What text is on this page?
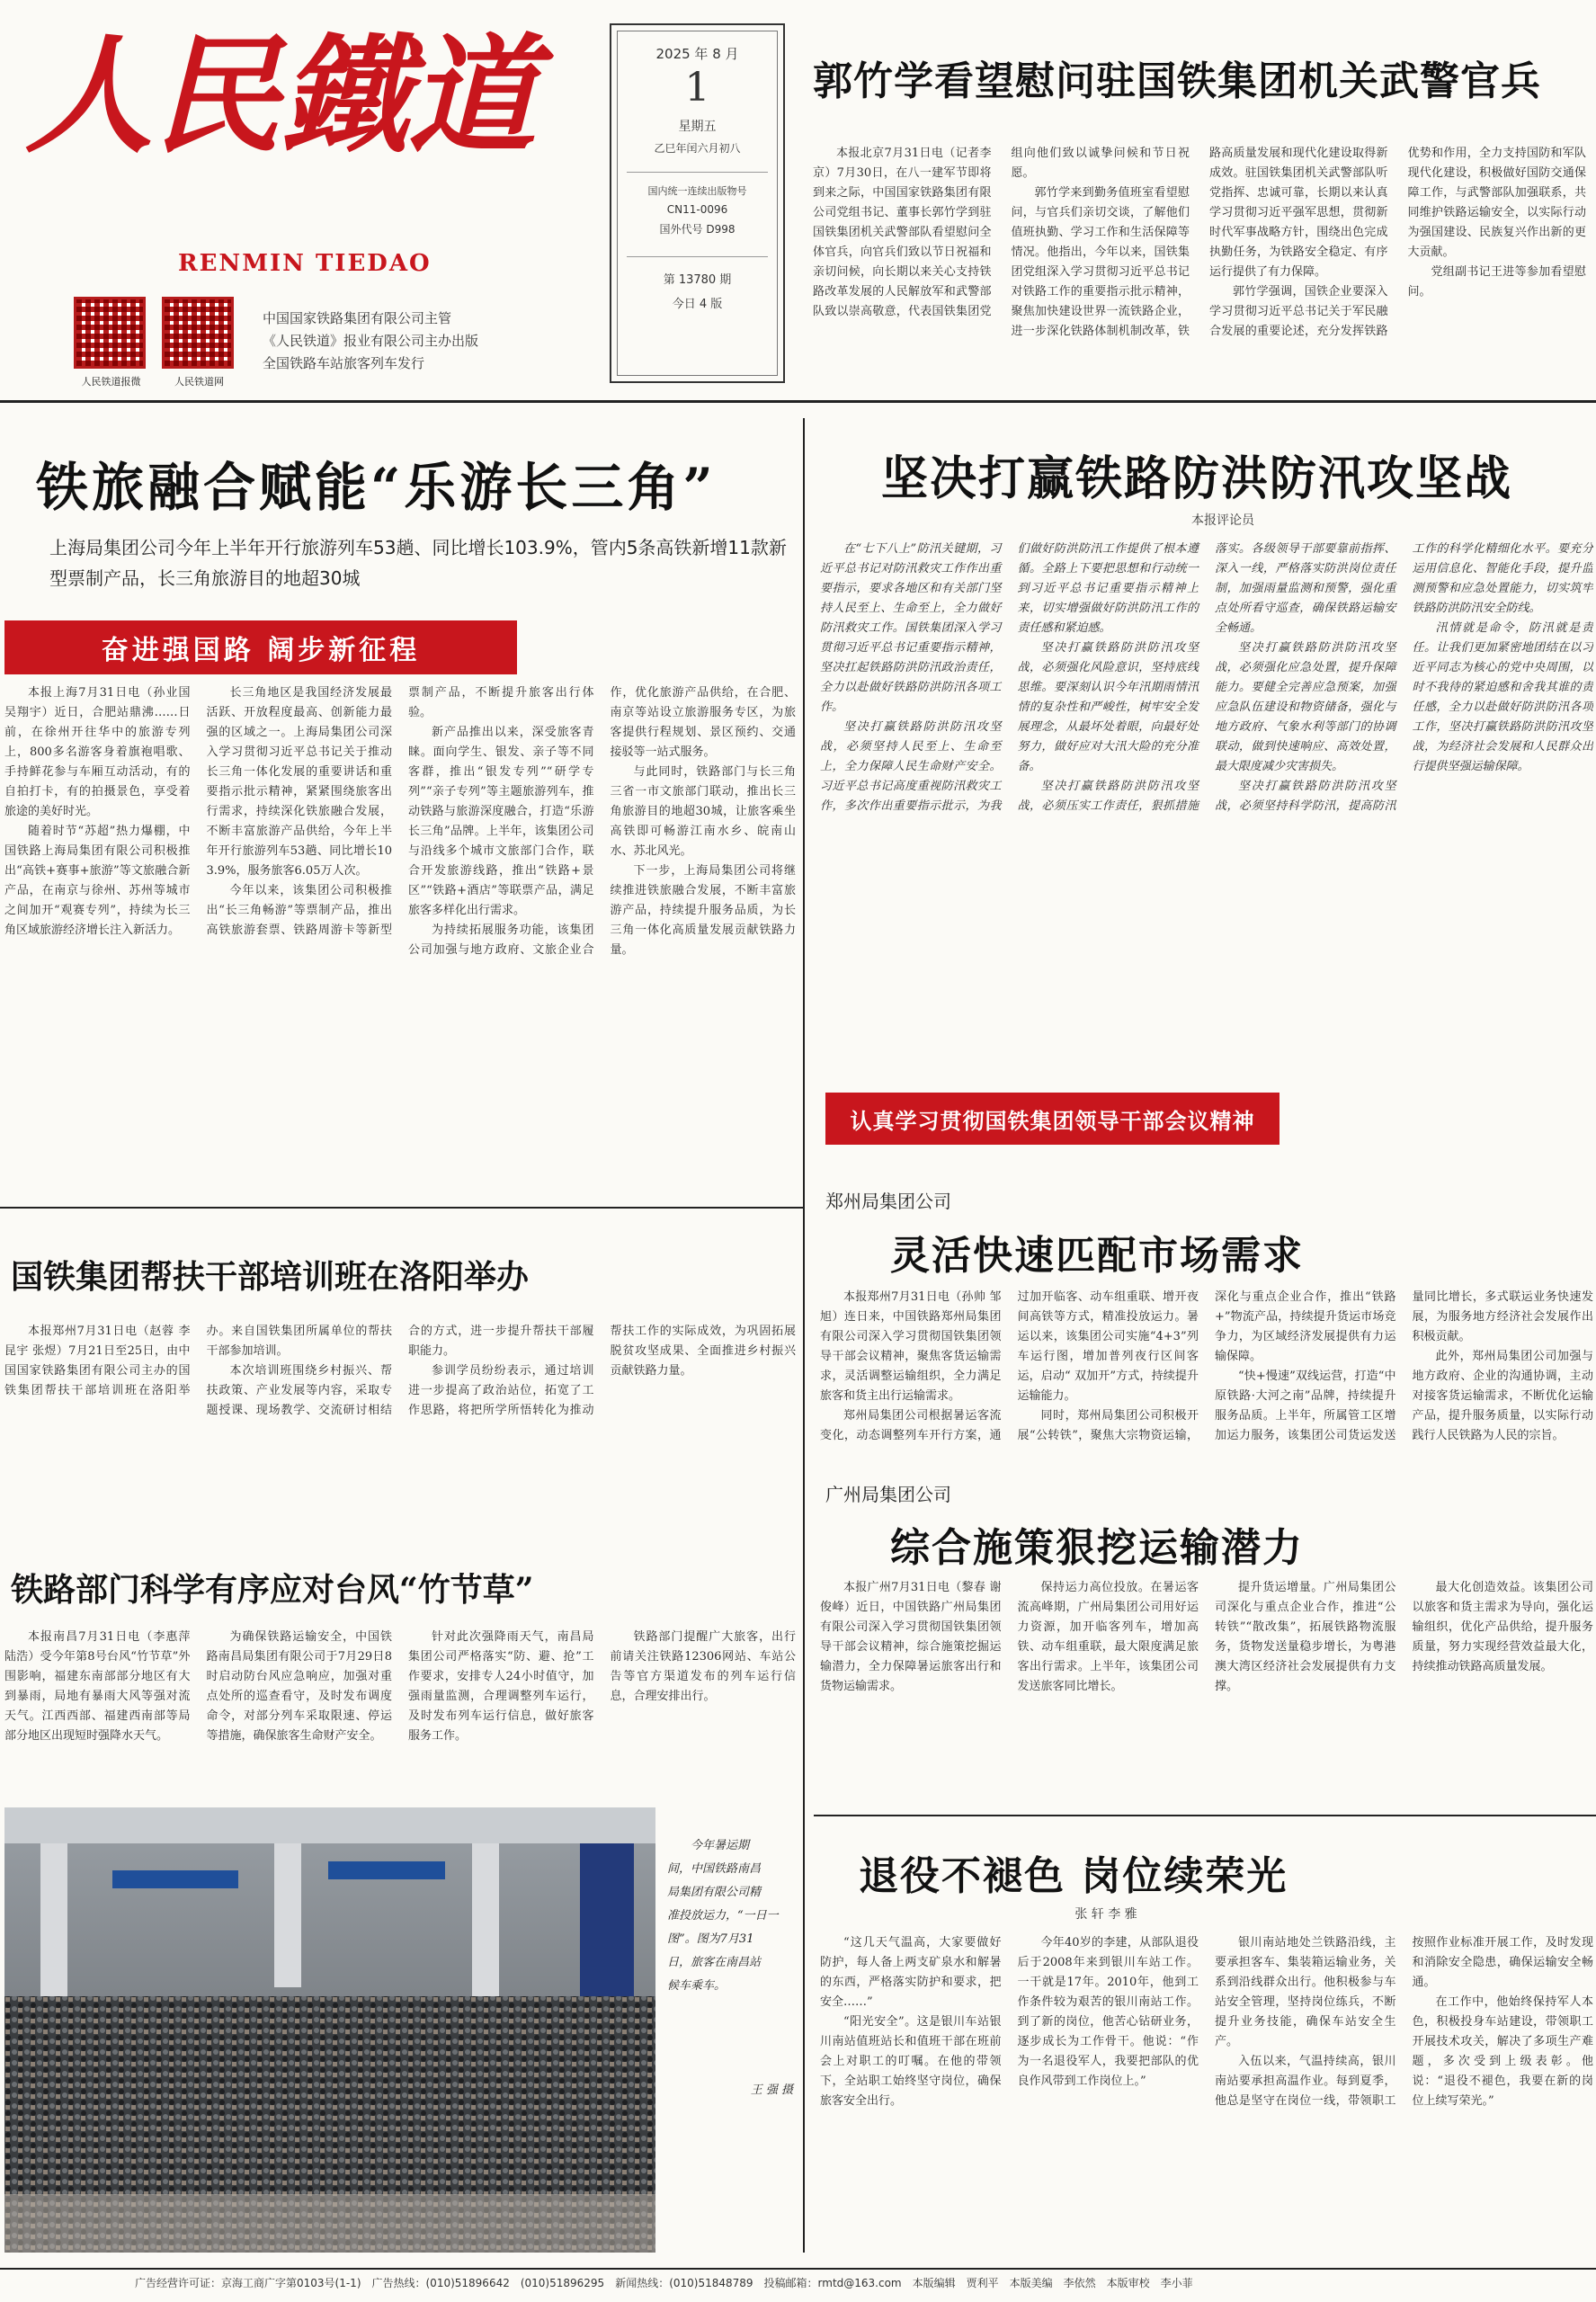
人民鐵道
RENMIN TIEDAO
人民铁道报微	人民铁道网
中国国家铁路集团有限公司主管
《人民铁道》报业有限公司主办出版
全国铁路车站旅客列车发行
2025 年 8 月
1
星期五
乙巳年闰六月初八
国内统一连续出版物号
CN11-0096
国外代号 D998
第 13780 期
今日 4 版
郭竹学看望慰问驻国铁集团机关武警官兵

本报北京7月31日电（记者李京）7月30日，在八一建军节即将到来之际，中国国家铁路集团有限公司党组书记、董事长郭竹学到驻国铁集团机关武警部队看望慰问全体官兵，向官兵们致以节日祝福和亲切问候，向长期以来关心支持铁路改革发展的人民解放军和武警部队致以崇高敬意，代表国铁集团党组向他们致以诚挚问候和节日祝愿。

郭竹学来到勤务值班室看望慰问，与官兵们亲切交谈，了解他们值班执勤、学习工作和生活保障等情况。他指出，今年以来，国铁集团党组深入学习贯彻习近平总书记对铁路工作的重要指示批示精神，聚焦加快建设世界一流铁路企业，进一步深化铁路体制机制改革，铁路高质量发展和现代化建设取得新成效。驻国铁集团机关武警部队听党指挥、忠诚可靠，长期以来认真学习贯彻习近平强军思想，贯彻新时代军事战略方针，围绕出色完成执勤任务，为铁路安全稳定、有序运行提供了有力保障。

郭竹学强调，国铁企业要深入学习贯彻习近平总书记关于军民融合发展的重要论述，充分发挥铁路优势和作用，全力支持国防和军队现代化建设，积极做好国防交通保障工作，与武警部队加强联系，共同维护铁路运输安全，以实际行动为强国建设、民族复兴作出新的更大贡献。

党组副书记王进等参加看望慰问。

铁旅融合赋能“乐游长三角”
上海局集团公司今年上半年开行旅游列车53趟、同比增长103.9%，管内5条高铁新增11款新型票制产品，长三角旅游目的地超30城
奋进强国路 阔步新征程

本报上海7月31日电（孙业国 吴翔宇）近日，合肥站鼎沸……日前，在徐州开往华中的旅游专列上，800多名游客身着旗袍唱歌、手持鲜花参与车厢互动活动，有的自拍打卡，有的拍摄景色，享受着旅途的美好时光。

随着时节“苏超”热力爆棚，中国铁路上海局集团有限公司积极推出“高铁+赛事+旅游”等文旅融合新产品，在南京与徐州、苏州等城市之间加开“观赛专列”，持续为长三角区域旅游经济增长注入新活力。

长三角地区是我国经济发展最活跃、开放程度最高、创新能力最强的区域之一。上海局集团公司深入学习贯彻习近平总书记关于推动长三角一体化发展的重要讲话和重要指示批示精神，紧紧围绕旅客出行需求，持续深化铁旅融合发展，不断丰富旅游产品供给，今年上半年开行旅游列车53趟、同比增长103.9%，服务旅客6.05万人次。

今年以来，该集团公司积极推出“长三角畅游”等票制产品，推出高铁旅游套票、铁路周游卡等新型票制产品，不断提升旅客出行体验。

新产品推出以来，深受旅客青睐。面向学生、银发、亲子等不同客群，推出“银发专列”“研学专列”“亲子专列”等主题旅游列车，推动铁路与旅游深度融合，打造“乐游长三角”品牌。上半年，该集团公司与沿线多个城市文旅部门合作，联合开发旅游线路，推出“铁路+景区”“铁路+酒店”等联票产品，满足旅客多样化出行需求。

为持续拓展服务功能，该集团公司加强与地方政府、文旅企业合作，优化旅游产品供给，在合肥、南京等站设立旅游服务专区，为旅客提供行程规划、景区预约、交通接驳等一站式服务。

与此同时，铁路部门与长三角三省一市文旅部门联动，推出长三角旅游目的地超30城，让旅客乘坐高铁即可畅游江南水乡、皖南山水、苏北风光。

下一步，上海局集团公司将继续推进铁旅融合发展，不断丰富旅游产品，持续提升服务品质，为长三角一体化高质量发展贡献铁路力量。

坚决打赢铁路防洪防汛攻坚战
本报评论员

在“七下八上”防汛关键期，习近平总书记对防汛救灾工作作出重要指示，要求各地区和有关部门坚持人民至上、生命至上，全力做好防汛救灾工作。国铁集团深入学习贯彻习近平总书记重要指示精神，坚决扛起铁路防洪防汛政治责任，全力以赴做好铁路防洪防汛各项工作。

坚决打赢铁路防洪防汛攻坚战，必须坚持人民至上、生命至上，全力保障人民生命财产安全。习近平总书记高度重视防汛救灾工作，多次作出重要指示批示，为我们做好防洪防汛工作提供了根本遵循。全路上下要把思想和行动统一到习近平总书记重要指示精神上来，切实增强做好防洪防汛工作的责任感和紧迫感。

坚决打赢铁路防洪防汛攻坚战，必须强化风险意识，坚持底线思维。要深刻认识今年汛期雨情汛情的复杂性和严峻性，树牢安全发展理念，从最坏处着眼，向最好处努力，做好应对大汛大险的充分准备。

坚决打赢铁路防洪防汛攻坚战，必须压实工作责任，狠抓措施落实。各级领导干部要靠前指挥、深入一线，严格落实防洪岗位责任制，加强雨量监测和预警，强化重点处所看守巡查，确保铁路运输安全畅通。

坚决打赢铁路防洪防汛攻坚战，必须强化应急处置，提升保障能力。要健全完善应急预案，加强应急队伍建设和物资储备，强化与地方政府、气象水利等部门的协调联动，做到快速响应、高效处置，最大限度减少灾害损失。

坚决打赢铁路防洪防汛攻坚战，必须坚持科学防汛，提高防汛工作的科学化精细化水平。要充分运用信息化、智能化手段，提升监测预警和应急处置能力，切实筑牢铁路防洪防汛安全防线。

汛情就是命令，防汛就是责任。让我们更加紧密地团结在以习近平同志为核心的党中央周围，以时不我待的紧迫感和舍我其谁的责任感，全力以赴做好防洪防汛各项工作，坚决打赢铁路防洪防汛攻坚战，为经济社会发展和人民群众出行提供坚强运输保障。

认真学习贯彻国铁集团领导干部会议精神
郑州局集团公司
灵活快速匹配市场需求

本报郑州7月31日电（孙帅 邹旭）连日来，中国铁路郑州局集团有限公司深入学习贯彻国铁集团领导干部会议精神，聚焦客货运输需求，灵活调整运输组织，全力满足旅客和货主出行运输需求。

郑州局集团公司根据暑运客流变化，动态调整列车开行方案，通过加开临客、动车组重联、增开夜间高铁等方式，精准投放运力。暑运以来，该集团公司实施“4+3”列车运行图，增加普列夜行区间客运，启动“ 双加开”方式，持续提升运输能力。

同时，郑州局集团公司积极开展“公转铁”，聚焦大宗物资运输，深化与重点企业合作，推出“铁路+”物流产品，持续提升货运市场竞争力，为区域经济发展提供有力运输保障。

“快+慢速”双线运营，打造“中原铁路·大河之南”品牌，持续提升服务品质。上半年，所属管工区增加运力服务，该集团公司货运发送量同比增长，多式联运业务快速发展，为服务地方经济社会发展作出积极贡献。

此外，郑州局集团公司加强与地方政府、企业的沟通协调，主动对接客货运输需求，不断优化运输产品，提升服务质量，以实际行动践行人民铁路为人民的宗旨。

广州局集团公司
综合施策狠挖运输潜力

本报广州7月31日电（黎春 谢俊峰）近日，中国铁路广州局集团有限公司深入学习贯彻国铁集团领导干部会议精神，综合施策挖掘运输潜力，全力保障暑运旅客出行和货物运输需求。

保持运力高位投放。在暑运客流高峰期，广州局集团公司用好运力资源，加开临客列车，增加高铁、动车组重联，最大限度满足旅客出行需求。上半年，该集团公司发送旅客同比增长。

提升货运增量。广州局集团公司深化与重点企业合作，推进“公转铁”“散改集”，拓展铁路物流服务，货物发送量稳步增长，为粤港澳大湾区经济社会发展提供有力支撑。

最大化创造效益。该集团公司以旅客和货主需求为导向，强化运输组织，优化产品供给，提升服务质量，努力实现经营效益最大化，持续推动铁路高质量发展。

退役不褪色 岗位续荣光
张 轩 李 雅

“这几天气温高，大家要做好防护，每人备上两支矿泉水和解暑的东西，严格落实防护和要求，把安全……”

“阳光安全”。这是银川车站银川南站值班站长和值班干部在班前会上对职工的叮嘱。在他的带领下，全站职工始终坚守岗位，确保旅客安全出行。

今年40岁的李建，从部队退役后于2008年来到银川车站工作。一干就是17年。2010年，他到工作条件较为艰苦的银川南站工作。到了新的岗位，他苦心钻研业务，逐步成长为工作骨干。他说：“作为一名退役军人，我要把部队的优良作风带到工作岗位上。”

银川南站地处兰铁路沿线，主要承担客车、集装箱运输业务，关系到沿线群众出行。他积极参与车站安全管理，坚持岗位练兵，不断提升业务技能，确保车站安全生产。

入伍以来，气温持续高，银川南站要承担高温作业。每到夏季，他总是坚守在岗位一线，带领职工按照作业标准开展工作，及时发现和消除安全隐患，确保运输安全畅通。

在工作中，他始终保持军人本色，积极投身车站建设，带领职工开展技术攻关，解决了多项生产难题，多次受到上级表彰。他说：“退役不褪色，我要在新的岗位上续写荣光。”

国铁集团帮扶干部培训班在洛阳举办

本报郑州7月31日电（赵蓉 李昆宇 张煜）7月21日至25日，由中国国家铁路集团有限公司主办的国铁集团帮扶干部培训班在洛阳举办。来自国铁集团所属单位的帮扶干部参加培训。

本次培训班围绕乡村振兴、帮扶政策、产业发展等内容，采取专题授课、现场教学、交流研讨相结合的方式，进一步提升帮扶干部履职能力。

参训学员纷纷表示，通过培训进一步提高了政治站位，拓宽了工作思路，将把所学所悟转化为推动帮扶工作的实际成效，为巩固拓展脱贫攻坚成果、全面推进乡村振兴贡献铁路力量。

铁路部门科学有序应对台风“竹节草”

本报南昌7月31日电（李惠萍 陆浩）受今年第8号台风“竹节草”外围影响，福建东南部部分地区有大到暴雨，局地有暴雨大风等强对流天气。江西西部、福建西南部等局部分地区出现短时强降水天气。

为确保铁路运输安全，中国铁路南昌局集团有限公司于7月29日8时启动防台风应急响应，加强对重点处所的巡查看守，及时发布调度命令，对部分列车采取限速、停运等措施，确保旅客生命财产安全。

针对此次强降雨天气，南昌局集团公司严格落实“防、避、抢”工作要求，安排专人24小时值守，加强雨量监测，合理调整列车运行，及时发布列车运行信息，做好旅客服务工作。

铁路部门提醒广大旅客，出行前请关注铁路12306网站、车站公告等官方渠道发布的列车运行信息，合理安排出行。

今年暑运期
间，中国铁路南昌
局集团有限公司精
准投放运力，“一日一
图”。图为7月31
日，旅客在南昌站
候车乘车。
王 强 摄
广告经营许可证：京海工商广字第0103号(1-1)　广告热线：(010)51896642　(010)51896295　新闻热线：(010)51848789　投稿邮箱：rmtd@163.com　本版编辑　贾利平　本版美编　李依然　本版审校　李小菲
